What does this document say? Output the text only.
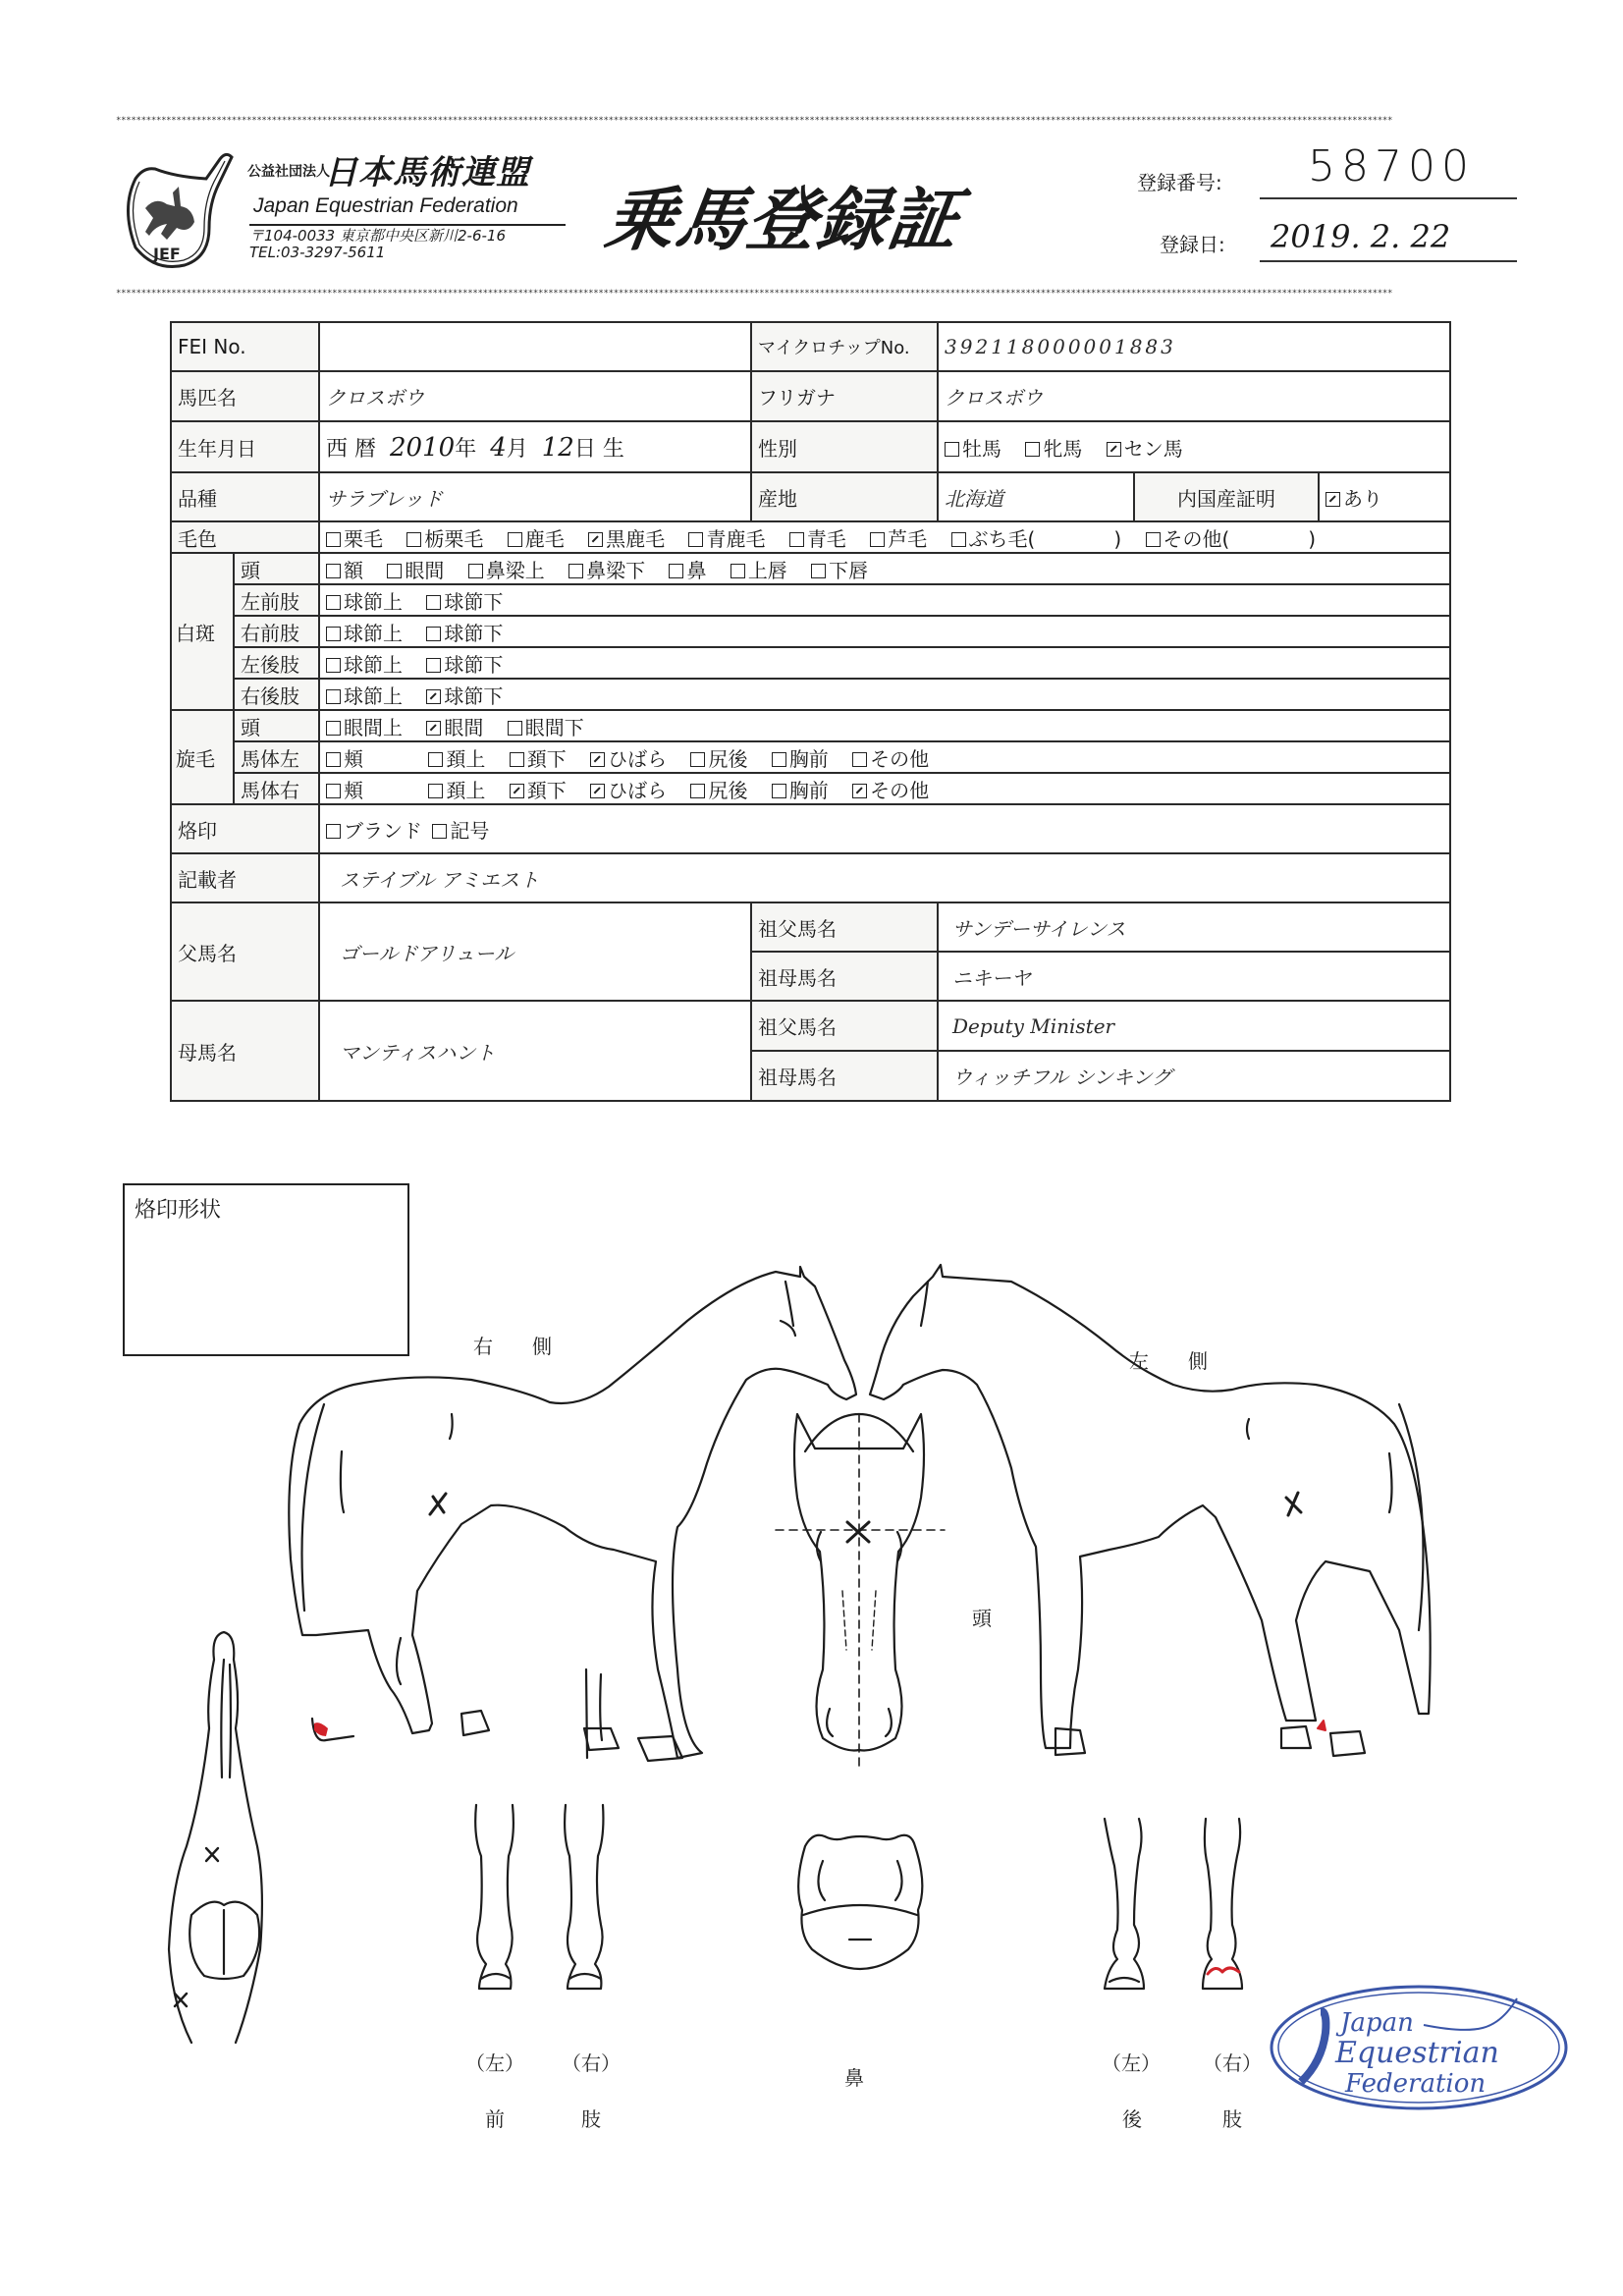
**************************************************************************************************************************************************************************************************************************************************************
JEF
公益社団法人
日本馬術連盟
Japan Equestrian Federation
〒104-0033 東京都中央区新川2-6-16
TEL:03-3297-5611	乗馬登録証	登録番号: 58700
登録日: 2019. 2. 22
**************************************************************************************************************************************************************************************************************************************************************
FEI No.			マイクロチップNo.	392118000001883		
馬匹名		クロスボウ	フリガナ	クロスボウ		
生年月日		西 暦 2010年 4月 12日 生	性別	牡馬 牝馬 セン馬		
品種		サラブレッド	産地	北海道	内国産証明	あり
毛色		栗毛 栃栗毛 鹿毛 黒鹿毛 青鹿毛 青毛 芦毛 ぶち毛(　　　　) その他(　　　　)				
白斑	頭	額 眼間 鼻梁上 鼻梁下 鼻 上唇 下唇				
	左前肢	球節上 球節下				
	右前肢	球節上 球節下				
	左後肢	球節上 球節下				
	右後肢	球節上 球節下				
旋毛	頭	眼間上 眼間 眼間下				
	馬体左	頬 頚上 頚下 ひばら 尻後 胸前 その他				
	馬体右	頬 頚上 頚下 ひばら 尻後 胸前 その他				
烙印		ブランド 記号				
記載者		ステイブル アミエスト				
父馬名		ゴールドアリュール	祖父馬名	サンデーサイレンス		
			祖母馬名	ニキーヤ		
母馬名		マンティスハント	祖父馬名	Deputy Minister		
			祖母馬名	ウィッチフル シンキング		
烙印形状
右　　側
左　　側
頭
鼻
（左） （右）
前	肢
（左） （右）
後	肢
Japan
Equestrian
Federation
